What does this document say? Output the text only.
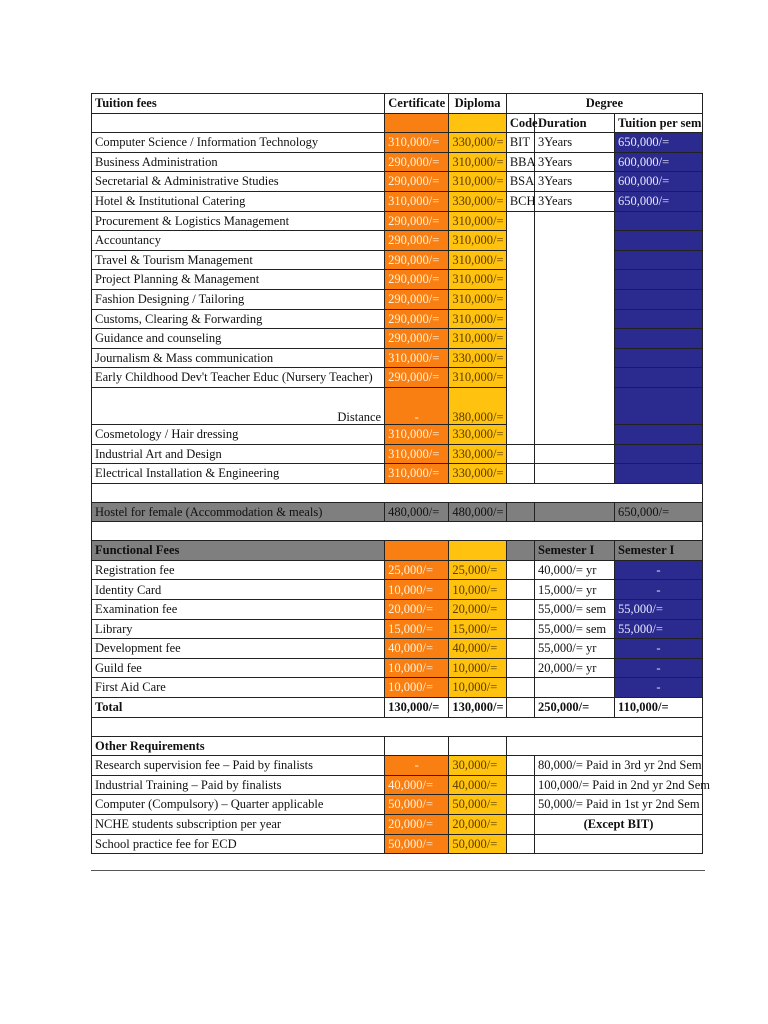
Tuition fees	Certificate	Diploma	Degree		
			Code	Duration	Tuition per sem
Computer Science / Information Technology	310,000/=	330,000/=	BIT	3Years	650,000/=
Business Administration	290,000/=	310,000/=	BBA	3Years	600,000/=
Secretarial & Administrative Studies	290,000/=	310,000/=	BSA	3Years	600,000/=
Hotel & Institutional Catering	310,000/=	330,000/=	BCH	3Years	650,000/=
Procurement & Logistics Management	290,000/=	310,000/=			
Accountancy	290,000/=	310,000/=			
Travel & Tourism Management	290,000/=	310,000/=			
Project Planning & Management	290,000/=	310,000/=			
Fashion Designing / Tailoring	290,000/=	310,000/=			
Customs, Clearing & Forwarding	290,000/=	310,000/=			
Guidance and counseling	290,000/=	310,000/=			
Journalism & Mass communication	310,000/=	330,000/=			
Early Childhood Dev't Teacher Educ (Nursery Teacher)	290,000/=	310,000/=			
Distance	-	380,000/=			
Cosmetology / Hair dressing	310,000/=	330,000/=			
Industrial Art and Design	310,000/=	330,000/=			
Electrical Installation & Engineering	310,000/=	330,000/=			

Hostel for female (Accommodation & meals)	480,000/=	480,000/=			650,000/=

Functional Fees				Semester I	Semester I
Registration fee	25,000/=	25,000/=		40,000/= yr	-
Identity Card	10,000/=	10,000/=		15,000/= yr	-
Examination fee	20,000/=	20,000/=		55,000/= sem	55,000/=
Library	15,000/=	15,000/=		55,000/= sem	55,000/=
Development fee	40,000/=	40,000/=		55,000/= yr	-
Guild fee	10,000/=	10,000/=		20,000/= yr	-
First Aid Care	10,000/=	10,000/=			-
Total	130,000/=	130,000/=		250,000/=	110,000/=

Other Requirements					
Research supervision fee – Paid by finalists	-	30,000/=		80,000/= Paid in 3rd yr 2nd Sem	
Industrial Training – Paid by finalists	40,000/=	40,000/=		100,000/= Paid in 2nd yr 2nd Sem	
Computer (Compulsory) – Quarter applicable	50,000/=	50,000/=		50,000/= Paid in 1st yr 2nd Sem	
NCHE students subscription per year	20,000/=	20,000/=		(Except BIT)	
School practice fee for ECD	50,000/=	50,000/=			
